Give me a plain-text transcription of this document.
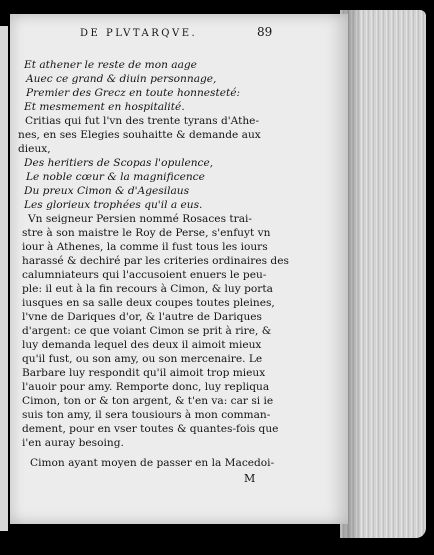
DE PLVTARQVE.	89
Et athener le reste de mon aage
Auec ce grand & diuin personnage,
Premier des Grecz en toute honnesteté:
Et mesmement en hospitalité.
Critias qui fut l'vn des trente tyrans d'Athe-
nes, en ses Elegies souhaitte & demande aux
dieux,
Des heritiers de Scopas l'opulence,
Le noble cœur & la magnificence
Du preux Cimon & d'Agesilaus
Les glorieux trophées qu'il a eus.
Vn seigneur Persien nommé Rosaces trai-
stre à son maistre le Roy de Perse, s'enfuyt vn
iour à Athenes, la comme il fust tous les iours
harassé & dechiré par les criteries ordinaires des
calumniateurs qui l'accusoient enuers le peu-
ple: il eut à la fin recours à Cimon, & luy porta
iusques en sa salle deux coupes toutes pleines,
l'vne de Dariques d'or, & l'autre de Dariques
d'argent: ce que voiant Cimon se prit à rire, &
luy demanda lequel des deux il aimoit mieux
qu'il fust, ou son amy, ou son mercenaire. Le
Barbare luy respondit qu'il aimoit trop mieux
l'auoir pour amy. Remporte donc, luy repliqua
Cimon, ton or & ton argent, & t'en va: car si ie
suis ton amy, il sera tousiours à mon comman-
dement, pour en vser toutes & quantes-fois que
i'en auray besoing.
Cimon ayant moyen de passer en la Macedoi-
M
